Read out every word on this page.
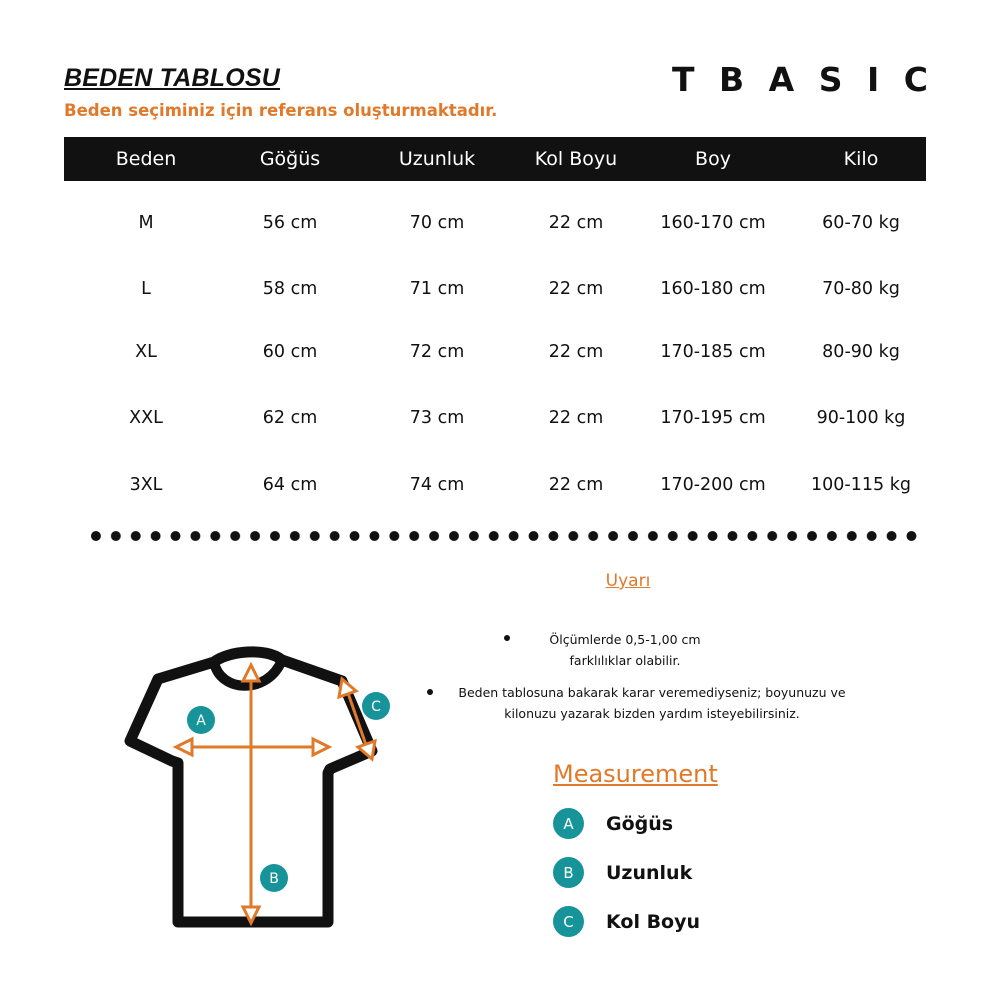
BEDEN TABLOSU
Beden seçiminiz için referans oluşturmaktadır.
T B A S I C
Beden	Göğüs	Uzunluk	Kol Boyu	Boy	Kilo
M	56 cm	70 cm	22 cm	160-170 cm	60-70 kg
L	58 cm	71 cm	22 cm	160-180 cm	70-80 kg
XL	60 cm	72 cm	22 cm	170-185 cm	80-90 kg
XXL	62 cm	73 cm	22 cm	170-195 cm	90-100 kg
3XL	64 cm	74 cm	22 cm	170-200 cm	100-115 kg
Uyarı
Ölçümlerde 0,5-1,00 cm farklılıklar olabilir.
Beden tablosuna bakarak karar veremediyseniz; boyunuzu ve kilonuzu yazarak bizden yardım isteyebilirsiniz.
A
B
C
Measurement
A	Göğüs
B	Uzunluk
C	Kol Boyu
